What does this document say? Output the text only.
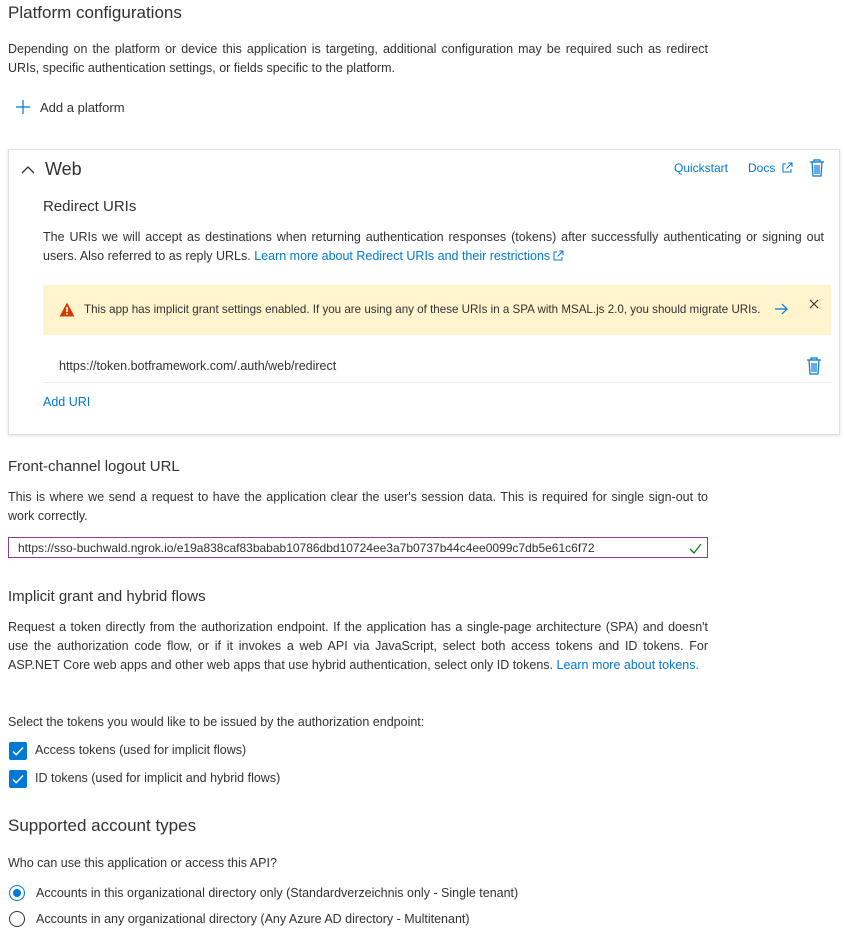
Platform configurations
Depending on the platform or device this application is targeting, additional configuration may be required such as redirect URIs, specific authentication settings, or fields specific to the platform.
Add a platform
Web	Quickstart Docs
Redirect URIs
The URIs we will accept as destinations when returning authentication responses (tokens) after successfully authenticating or signing out users. Also referred to as reply URLs. Learn more about Redirect URIs and their restrictions
This app has implicit grant settings enabled. If you are using any of these URIs in a SPA with MSAL.js 2.0, you should migrate URIs.
https://token.botframework.com/.auth/web/redirect
Add URI
Front-channel logout URL
This is where we send a request to have the application clear the user's session data. This is required for single sign-out to work correctly.
https://sso-buchwald.ngrok.io/e19a838caf83babab10786dbd10724ee3a7b0737b44c4ee0099c7db5e61c6f72
Implicit grant and hybrid flows
Request a token directly from the authorization endpoint. If the application has a single-page architecture (SPA) and doesn't use the authorization code flow, or if it invokes a web API via JavaScript, select both access tokens and ID tokens. For ASP.NET Core web apps and other web apps that use hybrid authentication, select only ID tokens. Learn more about tokens.
Select the tokens you would like to be issued by the authorization endpoint:
Access tokens (used for implicit flows)
ID tokens (used for implicit and hybrid flows)
Supported account types
Who can use this application or access this API?
Accounts in this organizational directory only (Standardverzeichnis only - Single tenant)
Accounts in any organizational directory (Any Azure AD directory - Multitenant)
